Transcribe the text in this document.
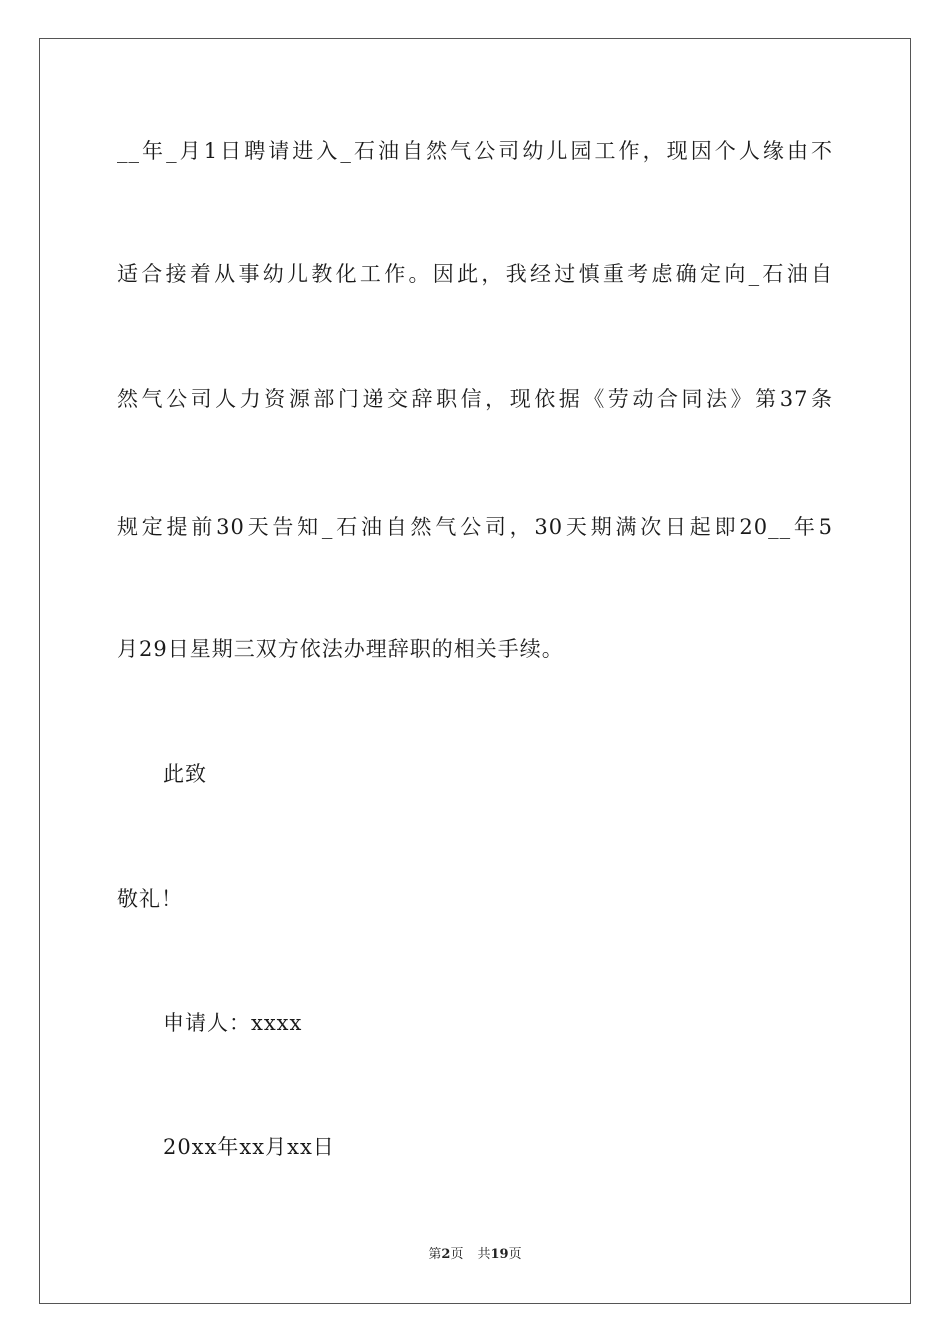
__年_月1日聘请进入_石油自然气公司幼儿园工作，现因个人缘由不
适合接着从事幼儿教化工作。因此，我经过慎重考虑确定向_石油自
然气公司人力资源部门递交辞职信，现依据《劳动合同法》第37条
规定提前30天告知_石油自然气公司，30天期满次日起即20__年5
月29日星期三双方依法办理辞职的相关手续。
此致
敬礼！
申请人：xxxx
20xx年xx月xx日
第2页 共19页
